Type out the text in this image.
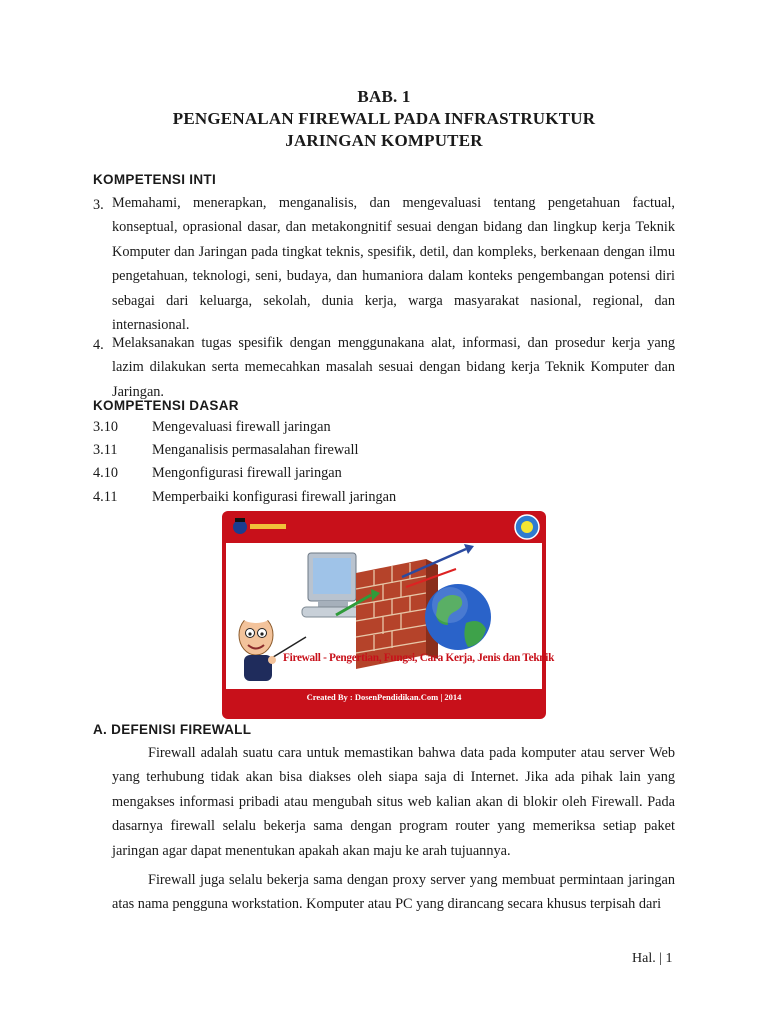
BAB. 1
PENGENALAN FIREWALL PADA INFRASTRUKTUR
JARINGAN KOMPUTER
KOMPETENSI INTI
3. Memahami, menerapkan, menganalisis, dan mengevaluasi tentang pengetahuan factual, konseptual, oprasional dasar, dan metakongnitif sesuai dengan bidang dan lingkup kerja Teknik Komputer dan Jaringan pada tingkat teknis, spesifik, detil, dan kompleks, berkenaan dengan ilmu pengetahuan, teknologi, seni, budaya, dan humaniora dalam konteks pengembangan potensi diri sebagai dari keluarga, sekolah, dunia kerja, warga masyarakat nasional, regional, dan internasional.
4. Melaksanakan tugas spesifik dengan menggunakana alat, informasi, dan prosedur kerja yang lazim dilakukan serta memecahkan masalah sesuai dengan bidang kerja Teknik Komputer dan Jaringan.
KOMPETENSI DASAR
3.10	Mengevaluasi firewall jaringan
3.11	Menganalisis permasalahan firewall
4.10	Mengonfigurasi firewall jaringan
4.11	Memperbaiki konfigurasi firewall jaringan
Created By : DosenPendidikan.Com | 2014
Firewall - Pengertian, Fungsi, Cara Kerja, Jenis dan Teknik
A. DEFENISI FIREWALL
Firewall adalah suatu cara untuk memastikan bahwa data pada komputer atau server Web yang terhubung tidak akan bisa diakses oleh siapa saja di Internet. Jika ada pihak lain yang mengakses informasi pribadi atau mengubah situs web kalian akan di blokir oleh Firewall. Pada dasarnya firewall selalu bekerja sama dengan program router yang memeriksa setiap paket jaringan agar dapat menentukan apakah akan maju ke arah tujuannya.
Firewall juga selalu bekerja sama dengan proxy server yang membuat permintaan jaringan atas nama pengguna workstation. Komputer atau PC yang dirancang secara khusus terpisah dari
Hal. | 1
